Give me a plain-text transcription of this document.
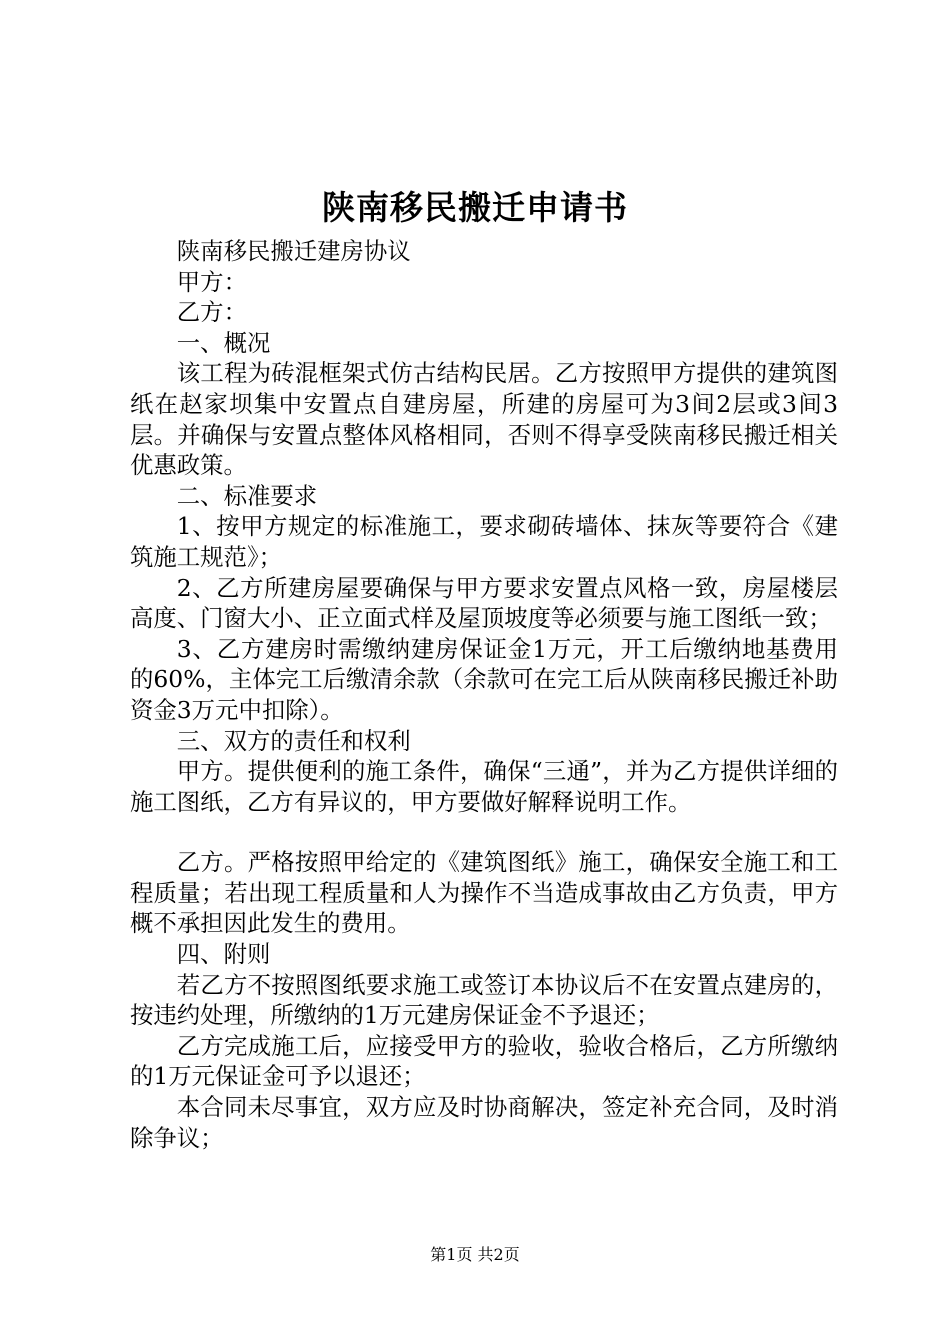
陕南移民搬迁申请书

陕南移民搬迁建房协议

甲方：

乙方：

一、概况

该工程为砖混框架式仿古结构民居。乙方按照甲方提供的建筑图纸在赵家坝集中安置点自建房屋，所建的房屋可为3间2层或3间3层。并确保与安置点整体风格相同，否则不得享受陕南移民搬迁相关优惠政策。

二、标准要求

1、按甲方规定的标准施工，要求砌砖墙体、抹灰等要符合《建筑施工规范》；

2、乙方所建房屋要确保与甲方要求安置点风格一致，房屋楼层高度、门窗大小、正立面式样及屋顶坡度等必须要与施工图纸一致；

3、乙方建房时需缴纳建房保证金1万元，开工后缴纳地基费用的60%，主体完工后缴清余款（余款可在完工后从陕南移民搬迁补助资金3万元中扣除）。

三、双方的责任和权利

甲方。提供便利的施工条件，确保“三通”，并为乙方提供详细的施工图纸，乙方有异议的，甲方要做好解释说明工作。

乙方。严格按照甲给定的《建筑图纸》施工，确保安全施工和工程质量；若出现工程质量和人为操作不当造成事故由乙方负责，甲方概不承担因此发生的费用。

四、附则

若乙方不按照图纸要求施工或签订本协议后不在安置点建房的，按违约处理，所缴纳的1万元建房保证金不予退还；

乙方完成施工后，应接受甲方的验收，验收合格后，乙方所缴纳的1万元保证金可予以退还；

本合同未尽事宜，双方应及时协商解决，签定补充合同，及时消除争议；

第1页 共2页
